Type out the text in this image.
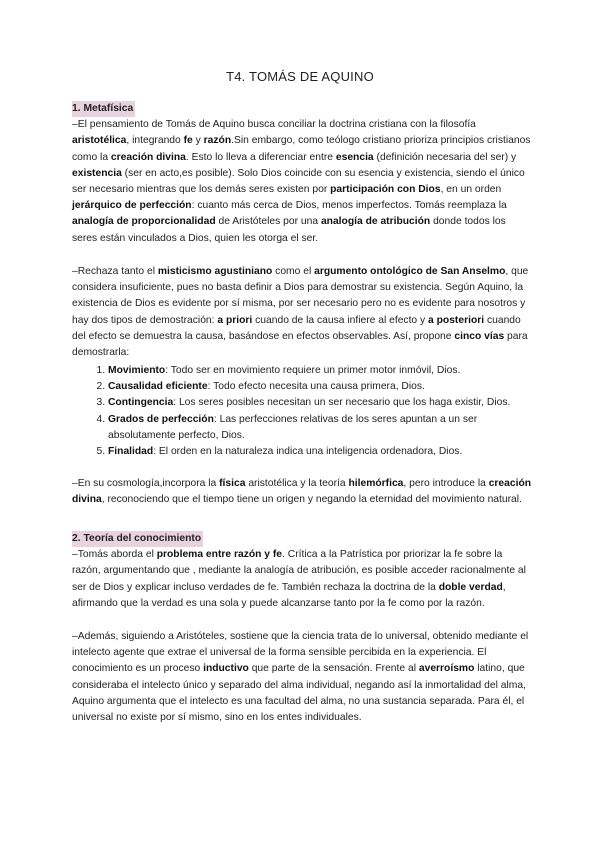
T4. TOMÁS DE AQUINO
1. Metafísica

–El pensamiento de Tomás de Aquino busca conciliar la doctrina cristiana con la filosofía aristotélica, integrando fe y razón.Sin embargo, como teólogo cristiano prioriza principios cristianos como la creación divina. Esto lo lleva a diferenciar entre esencia (definición necesaria del ser) y existencia (ser en acto,es posible). Solo Dios coincide con su esencia y existencia, siendo el único ser necesario mientras que los demás seres existen por participación con Dios, en un orden jerárquico de perfección: cuanto más cerca de Dios, menos imperfectos. Tomás reemplaza la analogía de proporcionalidad de Aristóteles por una analogía de atribución donde todos los seres están vinculados a Dios, quien les otorga el ser.

–Rechaza tanto el misticismo agustiniano como el argumento ontológico de San Anselmo, que considera insuficiente, pues no basta definir a Dios para demostrar su existencia. Según Aquino, la existencia de Dios es evidente por sí misma, por ser necesario pero no es evidente para nosotros y hay dos tipos de demostración: a priori cuando de la causa infiere al efecto y a posteriori cuando del efecto se demuestra la causa, basándose en efectos observables. Así, propone cinco vías para demostrarla:

1. Movimiento: Todo ser en movimiento requiere un primer motor inmóvil, Dios.
2. Causalidad eficiente: Todo efecto necesita una causa primera, Dios.
3. Contingencia: Los seres posibles necesitan un ser necesario que los haga existir, Dios.
4. Grados de perfección: Las perfecciones relativas de los seres apuntan a un ser absolutamente perfecto, Dios.
5. Finalidad: El orden en la naturaleza indica una inteligencia ordenadora, Dios.

–En su cosmología,incorpora la física aristotélica y la teoría hilemórfica, pero introduce la creación divina, reconociendo que el tiempo tiene un origen y negando la eternidad del movimiento natural.

2. Teoría del conocimiento

–Tomás aborda el problema entre razón y fe. Crítica a la Patrística por priorizar la fe sobre la razón, argumentando que , mediante la analogía de atribución, es posible acceder racionalmente al ser de Dios y explicar incluso verdades de fe. También rechaza la doctrina de la doble verdad, afirmando que la verdad es una sola y puede alcanzarse tanto por la fe como por la razón.

–Además, siguiendo a Aristóteles, sostiene que la ciencia trata de lo universal, obtenido mediante el intelecto agente que extrae el universal de la forma sensible percibida en la experiencia. El conocimiento es un proceso inductivo que parte de la sensación. Frente al averroísmo latino, que consideraba el intelecto único y separado del alma individual, negando así la inmortalidad del alma, Aquino argumenta que el intelecto es una facultad del alma, no una sustancia separada. Para él, el universal no existe por sí mismo, sino en los entes individuales.
